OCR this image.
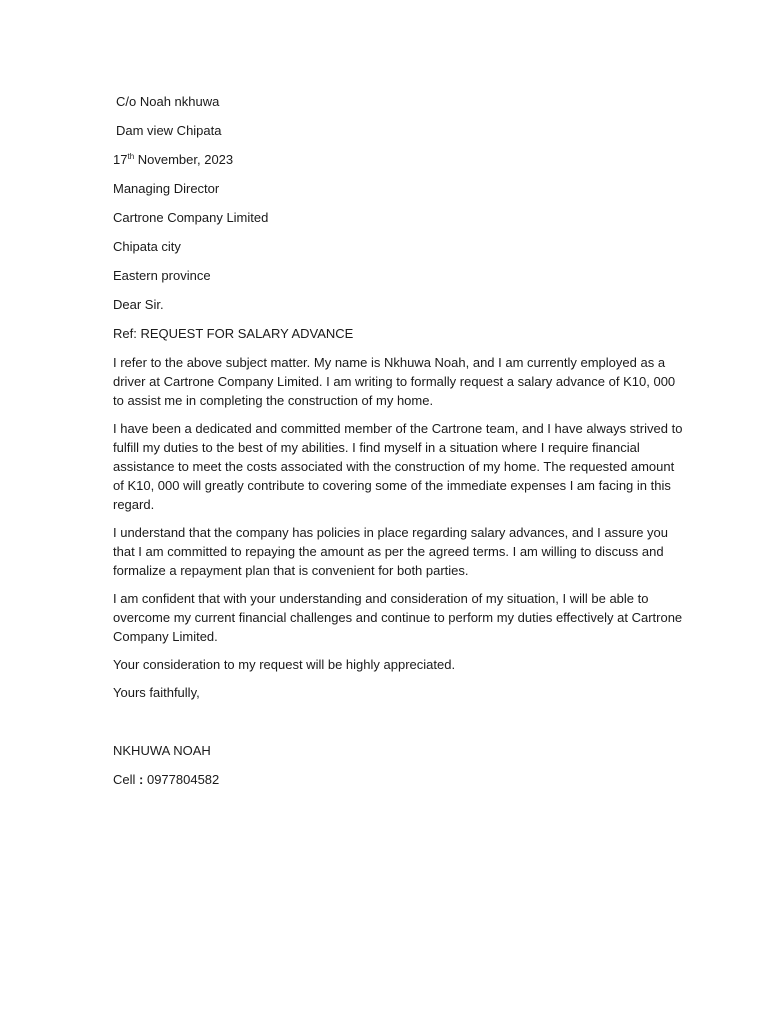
C/o Noah nkhuwa
Dam view Chipata
17th November, 2023
Managing Director
Cartrone Company Limited
Chipata city
Eastern province
Dear Sir.
Ref: REQUEST FOR SALARY ADVANCE

I refer to the above subject matter. My name is Nkhuwa Noah, and I am currently employed as a driver at Cartrone Company Limited. I am writing to formally request a salary advance of K10, 000 to assist me in completing the construction of my home.

I have been a dedicated and committed member of the Cartrone team, and I have always strived to fulfill my duties to the best of my abilities. I find myself in a situation where I require financial assistance to meet the costs associated with the construction of my home. The requested amount of K10, 000 will greatly contribute to covering some of the immediate expenses I am facing in this regard.

I understand that the company has policies in place regarding salary advances, and I assure you that I am committed to repaying the amount as per the agreed terms. I am willing to discuss and formalize a repayment plan that is convenient for both parties.

I am confident that with your understanding and consideration of my situation, I will be able to overcome my current financial challenges and continue to perform my duties effectively at Cartrone Company Limited.

Your consideration to my request will be highly appreciated.

Yours faithfully,
NKHUWA NOAH
Cell : 0977804582
